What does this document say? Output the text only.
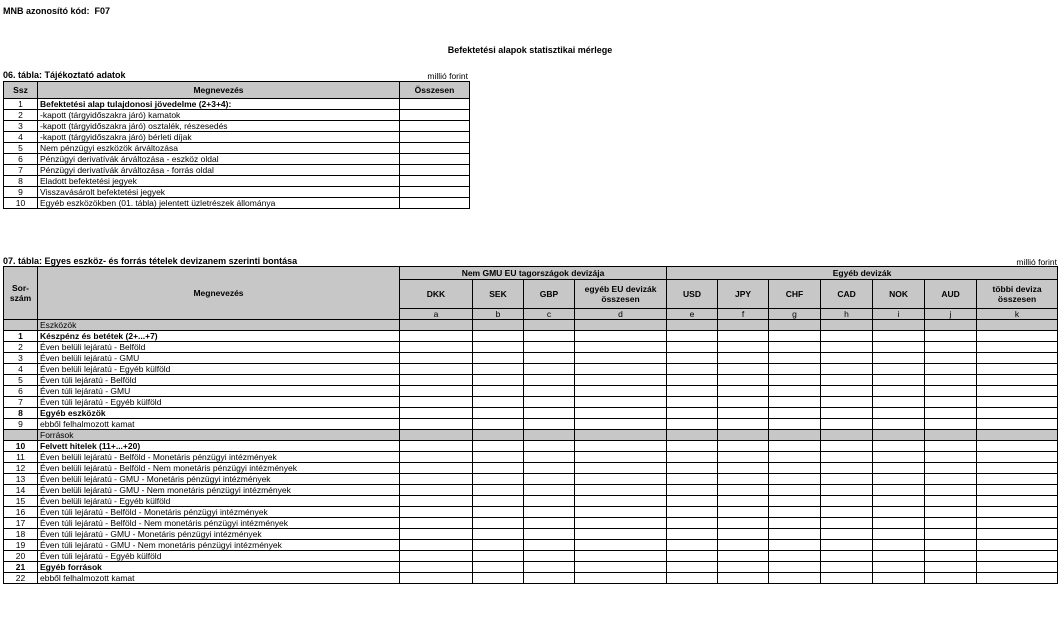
MNB azonosító kód:  F07
Befektetési alapok statisztikai mérlege
06. tábla: Tájékoztató adatok	millió forint
Ssz	Megnevezés	Összesen
1	Befektetési alap tulajdonosi jövedelme (2+3+4):	
2	-kapott (tárgyidőszakra járó) kamatok	
3	-kapott (tárgyidőszakra járó) osztalék, részesedés	
4	-kapott (tárgyidőszakra járó) bérleti díjak	
5	Nem pénzügyi eszközök árváltozása	
6	Pénzügyi derivatívák árváltozása - eszköz oldal	
7	Pénzügyi derivatívák árváltozása - forrás oldal	
8	Eladott befektetési jegyek	
9	Visszavásárolt befektetési jegyek	
10	Egyéb eszközökben (01. tábla) jelentett üzletrészek állománya	
07. tábla: Egyes eszköz- és forrás tételek devizanem szerinti bontása	millió forint
Sor-szám	Megnevezés	Nem GMU EU tagországok devizája				Egyéb devizák						
		DKK	SEK	GBP	egyéb EU devizák összesen	USD	JPY	CHF	CAD	NOK	AUD	többi deviza összesen
		a	b	c	d	e	f	g	h	i	j	k
	Eszközök											
1	Készpénz és betétek (2+...+7)											
2	Éven belüli lejáratú - Belföld											
3	Éven belüli lejáratú - GMU											
4	Éven belüli lejáratú - Egyéb külföld											
5	Éven túli lejáratú - Belföld											
6	Éven túli lejáratú - GMU											
7	Éven túli lejáratú - Egyéb külföld											
8	Egyéb eszközök											
9	ebből felhalmozott kamat											
	Források											
10	Felvett hitelek (11+...+20)											
11	Éven belüli lejáratú - Belföld - Monetáris pénzügyi intézmények											
12	Éven belüli lejáratú - Belföld - Nem monetáris pénzügyi intézmények											
13	Éven belüli lejáratú - GMU - Monetáris pénzügyi intézmények											
14	Éven belüli lejáratú - GMU - Nem monetáris pénzügyi intézmények											
15	Éven belüli lejáratú - Egyéb külföld											
16	Éven túli lejáratú - Belföld - Monetáris pénzügyi intézmények											
17	Éven túli lejáratú - Belföld - Nem monetáris pénzügyi intézmények											
18	Éven túli lejáratú - GMU - Monetáris pénzügyi intézmények											
19	Éven túli lejáratú - GMU - Nem monetáris pénzügyi intézmények											
20	Éven túli lejáratú - Egyéb külföld											
21	Egyéb források											
22	ebből felhalmozott kamat											
